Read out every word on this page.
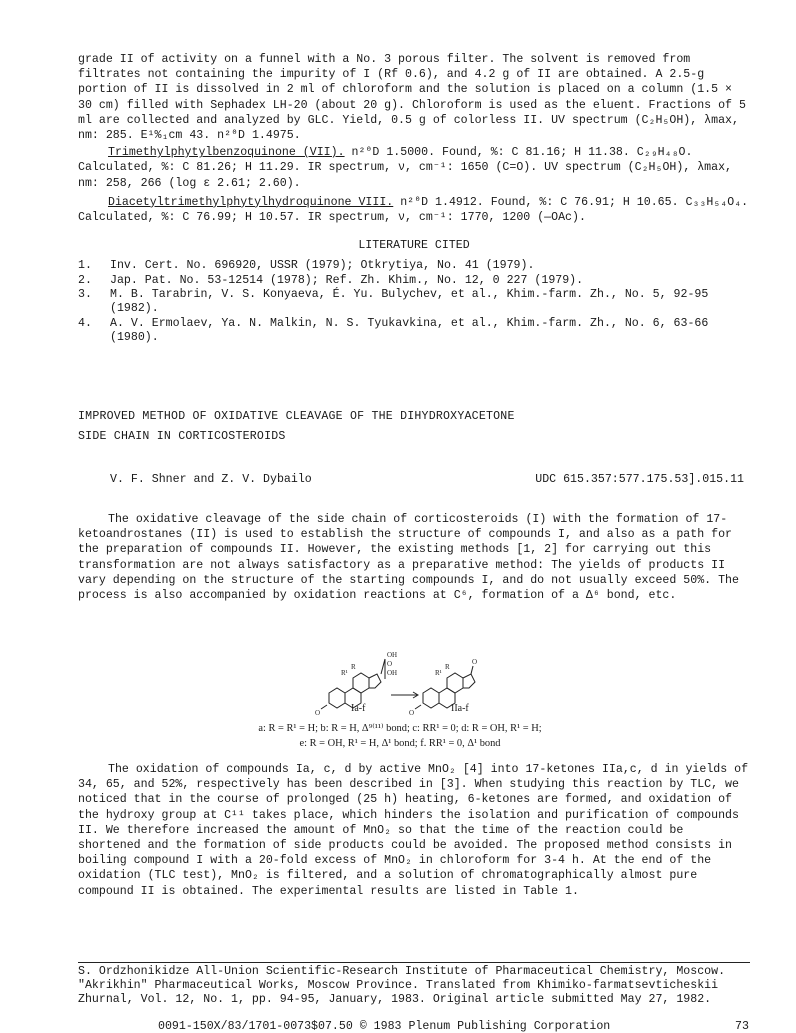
grade II of activity on a funnel with a No. 3 porous filter. The solvent is removed from filtrates not containing the impurity of I (Rf 0.6), and 4.2 g of II are obtained. A 2.5-g portion of II is dissolved in 2 ml of chloroform and the solution is placed on a column (1.5 × 30 cm) filled with Sephadex LH-20 (about 20 g). Chloroform is used as the eluent. Fractions of 5 ml are collected and analyzed by GLC. Yield, 0.5 g of colorless II. UV spectrum (C₂H₅OH), λmax, nm: 285. E¹%₁cm 43. n²⁰D 1.4975.

Trimethylphytylbenzoquinone (VII). n²⁰D 1.5000. Found, %: C 81.16; H 11.38. C₂₉H₄₈O. Calculated, %: C 81.26; H 11.29. IR spectrum, ν, cm⁻¹: 1650 (C=O). UV spectrum (C₂H₅OH), λmax, nm: 258, 266 (log ε 2.61; 2.60).

Diacetyltrimethylphytylhydroquinone VIII. n²⁰D 1.4912. Found, %: C 76.91; H 10.65. C₃₃H₅₄O₄. Calculated, %: C 76.99; H 10.57. IR spectrum, ν, cm⁻¹: 1770, 1200 (—OAc).

LITERATURE CITED
1.	Inv. Cert. No. 696920, USSR (1979); Otkrytiya, No. 41 (1979).
2.	Jap. Pat. No. 53-12514 (1978); Ref. Zh. Khim., No. 12, 0 227 (1979).
3.	M. B. Tarabrin, V. S. Konyaeva, É. Yu. Bulychev, et al., Khim.-farm. Zh., No. 5, 92-95 (1982).
4.	A. V. Ermolaev, Ya. N. Malkin, N. S. Tyukavkina, et al., Khim.-farm. Zh., No. 6, 63-66 (1980).
IMPROVED METHOD OF OXIDATIVE CLEAVAGE OF THE DIHYDROXYACETONE
SIDE CHAIN IN CORTICOSTEROIDS
V. F. Shner and Z. V. Dybailo	UDC 615.357:577.175.53].015.11

The oxidative cleavage of the side chain of corticosteroids (I) with the formation of 17-ketoandrostanes (II) is used to establish the structure of compounds I, and also as a path for the preparation of compounds II. However, the existing methods [1, 2] for carrying out this transformation are not always satisfactory as a preparative method: The yields of products II vary depending on the structure of the starting compounds I, and do not usually exceed 50%. The process is also accompanied by oxidation reactions at C⁶, formation of a Δ⁶ bond, etc.

OH
O
OH
R
R¹
O
R
R¹
O
O
Ia-f	IIa-f
a: R = R¹ = H; b: R = H, Δ⁹⁽¹¹⁾ bond; c: RR¹ = 0; d: R = OH, R¹ = H;
e: R = OH, R¹ = H, Δ¹ bond; f. RR¹ = 0, Δ¹ bond

The oxidation of compounds Ia, c, d by active MnO₂ [4] into 17-ketones IIa,c, d in yields of 34, 65, and 52%, respectively has been described in [3]. When studying this reaction by TLC, we noticed that in the course of prolonged (25 h) heating, 6-ketones are formed, and oxidation of the hydroxy group at C¹¹ takes place, which hinders the isolation and purification of compounds II. We therefore increased the amount of MnO₂ so that the time of the reaction could be shortened and the formation of side products could be avoided. The proposed method consists in boiling compound I with a 20-fold excess of MnO₂ in chloroform for 3-4 h. At the end of the oxidation (TLC test), MnO₂ is filtered, and a solution of chromatographically almost pure compound II is obtained. The experimental results are listed in Table 1.

S. Ordzhonikidze All-Union Scientific-Research Institute of Pharmaceutical Chemistry, Moscow. "Akrikhin" Pharmaceutical Works, Moscow Province. Translated from Khimiko-farmatsevticheskii Zhurnal, Vol. 12, No. 1, pp. 94-95, January, 1983. Original article submitted May 27, 1982.
0091-150X/83/1701-0073$07.50 © 1983 Plenum Publishing Corporation	73
